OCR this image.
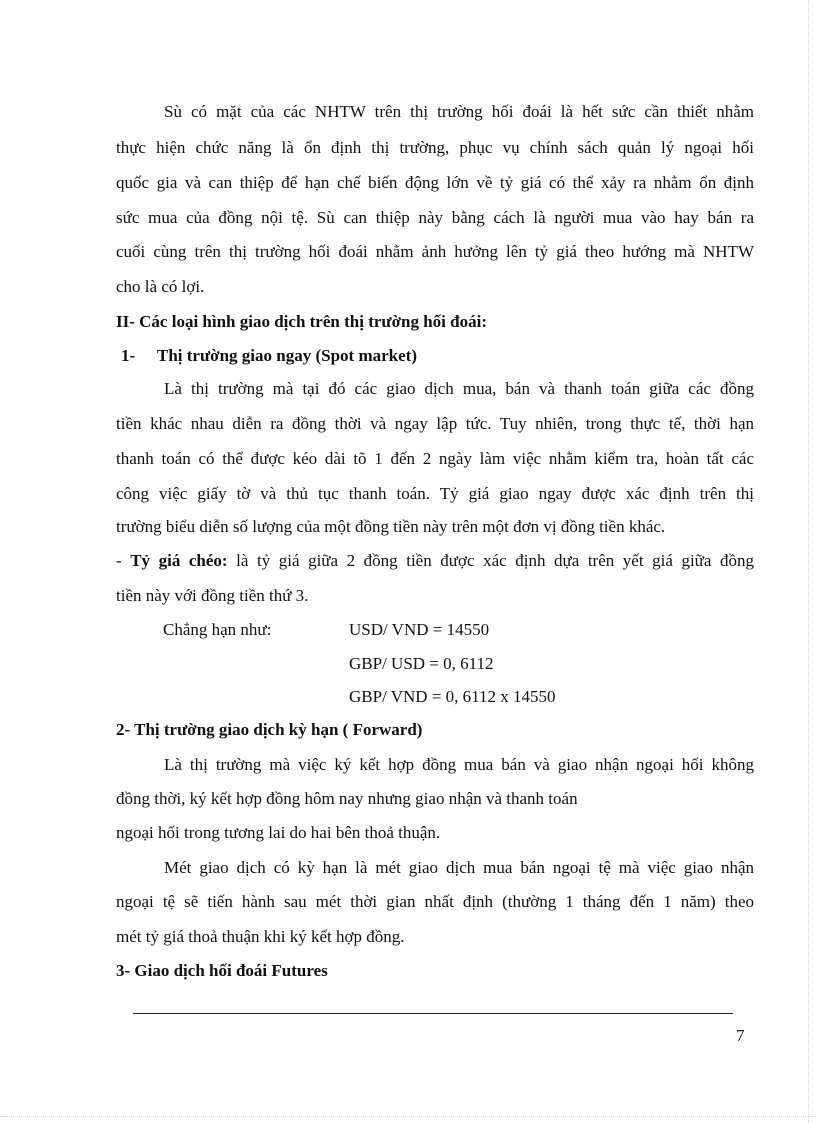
Sù có mặt của các NHTW trên thị trường hối đoái là hết sức cần thiết nhằm
thực hiện chức năng là ổn định thị trường, phục vụ chính sách quản lý ngoại hối
quốc gia và can thiệp để hạn chế biến động lớn về tỷ giá có thể xảy ra nhằm ổn định
sức mua của đồng nội tệ. Sù can thiệp này bằng cách là người mua vào hay bán ra
cuối cùng trên thị trường hối đoái nhằm ảnh hưởng lên tỷ giá theo hướng mà NHTW
cho là có lợi.
II- Các loại hình giao dịch trên thị trường hối đoái:
1- Thị trường giao ngay (Spot market)
Là thị trường mà tại đó các giao dịch mua, bán và thanh toán giữa các đồng
tiền khác nhau diễn ra đồng thời và ngay lập tức. Tuy nhiên, trong thực tế, thời hạn
thanh toán có thể được kéo dài tõ 1 đến 2 ngày làm việc nhằm kiểm tra, hoàn tất các
công việc giấy tờ và thủ tục thanh toán. Tỷ giá giao ngay được xác định trên thị
trường biểu diễn số lượng của một đồng tiền này trên một đơn vị đồng tiền khác.
- Tỷ giá chéo: là tỷ giá giữa 2 đồng tiền được xác định dựa trên yết giá giữa đồng
tiền này với đồng tiền thứ 3.
Chẳng hạn như:	USD/ VND = 14550
GBP/ USD = 0, 6112
GBP/ VND = 0, 6112 x 14550
2- Thị trường giao dịch kỳ hạn ( Forward)
Là thị trường mà việc ký kết hợp đồng mua bán và giao nhận ngoại hối không
đồng thời, ký kết hợp đồng hôm nay nhưng giao nhận và thanh toán
ngoại hối trong tương lai do hai bên thoả thuận.
Mét giao dịch có kỳ hạn là mét giao dịch mua bán ngoại tệ mà việc giao nhận
ngoại tệ sẽ tiến hành sau mét thời gian nhất định (thường 1 tháng đến 1 năm) theo
mét tỷ giá thoả thuận khi ký kết hợp đồng.
3- Giao dịch hối đoái Futures
7
